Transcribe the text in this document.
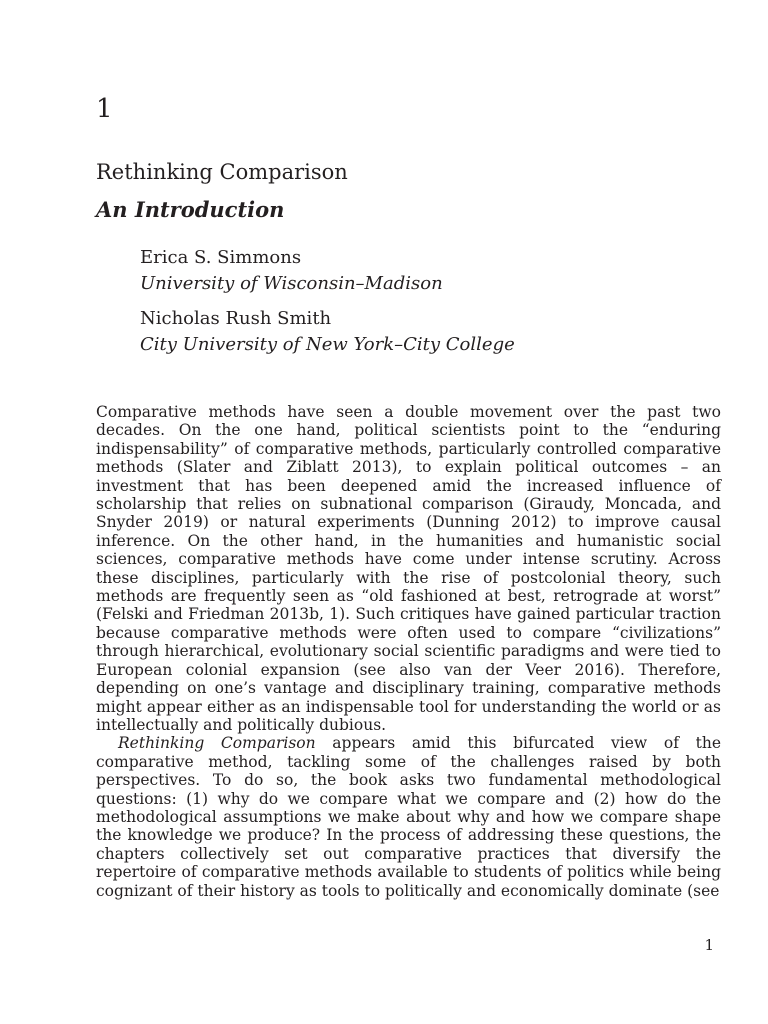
1
Rethinking Comparison
An Introduction
Erica S. Simmons
University of Wisconsin–Madison
Nicholas Rush Smith
City University of New York–City College

Comparative methods have seen a double movement over the past two decades. On the one hand, political scientists point to the “enduring indispensability” of comparative methods, particularly controlled comparative methods (Slater and Ziblatt 2013), to explain political outcomes – an investment that has been deepened amid the increased influence of scholarship that relies on subnational comparison (Giraudy, Moncada, and Snyder 2019) or natural experiments (Dunning 2012) to improve causal inference. On the other hand, in the humanities and humanistic social sciences, comparative methods have come under intense scrutiny. Across these disciplines, particularly with the rise of postcolonial theory, such methods are frequently seen as “old fashioned at best, retrograde at worst” (Felski and Friedman 2013b, 1). Such critiques have gained particular traction because comparative methods were often used to compare “civilizations” through hierarchical, evolutionary social scientific paradigms and were tied to European colonial expansion (see also van der Veer 2016). Therefore, depending on one’s vantage and disciplinary training, comparative methods might appear either as an indispensable tool for understanding the world or as intellectually and politically dubious.

Rethinking Comparison appears amid this bifurcated view of the comparative method, tackling some of the challenges raised by both perspectives. To do so, the book asks two fundamental methodological questions: (1) why do we compare what we compare and (2) how do the methodological assumptions we make about why and how we compare shape the knowledge we produce? In the process of addressing these questions, the chapters collectively set out comparative practices that diversify the repertoire of comparative methods available to students of politics while being cognizant of their history as tools to politically and economically dominate (see

1
